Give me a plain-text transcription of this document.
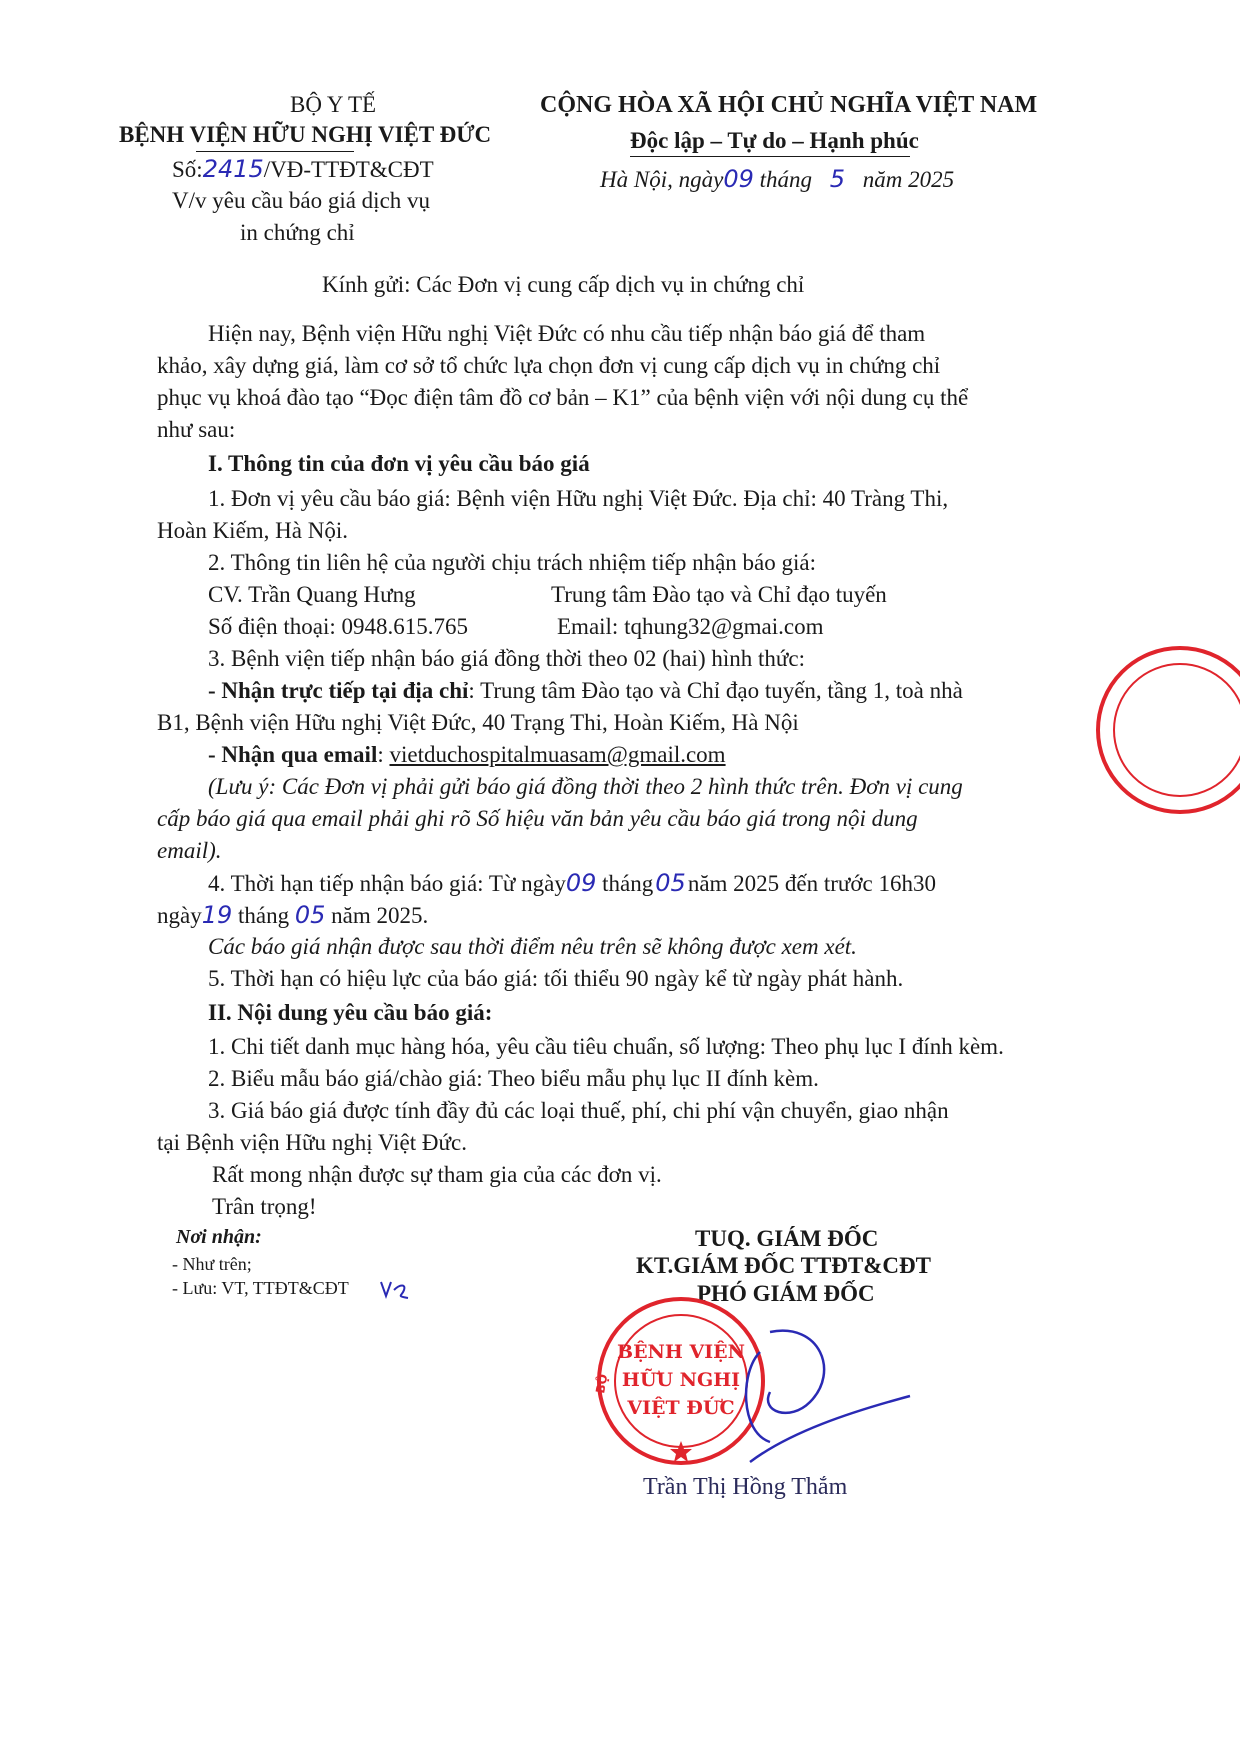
BỘ Y TẾ
BỆNH VIỆN HỮU NGHỊ VIỆT ĐỨC
Số:2415/VĐ-TTĐT&CĐT
V/v yêu cầu báo giá dịch vụ
in chứng chỉ
CỘNG HÒA XÃ HỘI CHỦ NGHĨA VIỆT NAM
Độc lập – Tự do – Hạnh phúc
Hà Nội, ngày09 tháng 5 năm 2025
Kính gửi: Các Đơn vị cung cấp dịch vụ in chứng chỉ
Hiện nay, Bệnh viện Hữu nghị Việt Đức có nhu cầu tiếp nhận báo giá để tham
khảo, xây dựng giá, làm cơ sở tổ chức lựa chọn đơn vị cung cấp dịch vụ in chứng chỉ
phục vụ khoá đào tạo “Đọc điện tâm đồ cơ bản – K1” của bệnh viện với nội dung cụ thể
như sau:
I. Thông tin của đơn vị yêu cầu báo giá
1. Đơn vị yêu cầu báo giá: Bệnh viện Hữu nghị Việt Đức. Địa chỉ: 40 Tràng Thi,
Hoàn Kiếm, Hà Nội.
2. Thông tin liên hệ của người chịu trách nhiệm tiếp nhận báo giá:
CV. Trần Quang Hưng	Trung tâm Đào tạo và Chỉ đạo tuyến
Số điện thoại: 0948.615.765	Email: tqhung32@gmai.com
3. Bệnh viện tiếp nhận báo giá đồng thời theo 02 (hai) hình thức:
- Nhận trực tiếp tại địa chỉ: Trung tâm Đào tạo và Chỉ đạo tuyến, tầng 1, toà nhà
B1, Bệnh viện Hữu nghị Việt Đức, 40 Trạng Thi, Hoàn Kiếm, Hà Nội
- Nhận qua email: vietduchospitalmuasam@gmail.com
(Lưu ý: Các Đơn vị phải gửi báo giá đồng thời theo 2 hình thức trên. Đơn vị cung
cấp báo giá qua email phải ghi rõ Số hiệu văn bản yêu cầu báo giá trong nội dung
email).
4. Thời hạn tiếp nhận báo giá: Từ ngày09 tháng05năm 2025 đến trước 16h30
ngày19 tháng 05 năm 2025.
Các báo giá nhận được sau thời điểm nêu trên sẽ không được xem xét.
5. Thời hạn có hiệu lực của báo giá: tối thiểu 90 ngày kể từ ngày phát hành.
II. Nội dung yêu cầu báo giá:
1. Chi tiết danh mục hàng hóa, yêu cầu tiêu chuẩn, số lượng: Theo phụ lục I đính kèm.
2. Biểu mẫu báo giá/chào giá: Theo biểu mẫu phụ lục II đính kèm.
3. Giá báo giá được tính đầy đủ các loại thuế, phí, chi phí vận chuyển, giao nhận
tại Bệnh viện Hữu nghị Việt Đức.
Rất mong nhận được sự tham gia của các đơn vị.
Trân trọng!
Nơi nhận:
- Như trên;
- Lưu: VT, TTĐT&CĐT
TUQ. GIÁM ĐỐC
KT.GIÁM ĐỐC TTĐT&CĐT
PHÓ GIÁM ĐỐC
BỘ
BỆNH VIỆN
HỮU NGHỊ
VIỆT ĐỨC
Trần Thị Hồng Thắm
